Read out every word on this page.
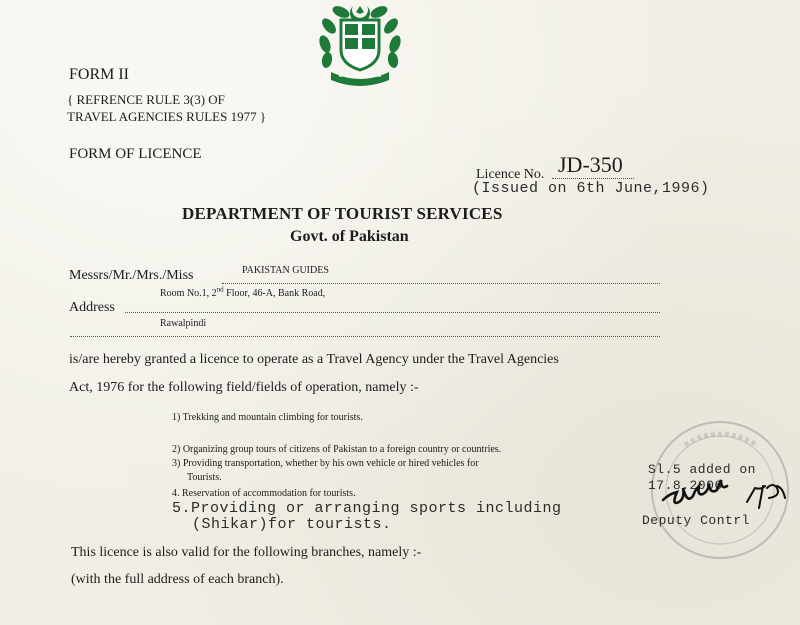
FORM II
{ REFRENCE RULE 3(3) OF
TRAVEL AGENCIES RULES 1977 }
FORM OF LICENCE
Licence No. JD-350
(Issued on 6th June,1996)
DEPARTMENT OF TOURIST SERVICES
Govt. of Pakistan
Messrs/Mr./Mrs./Miss	PAKISTAN GUIDES
Room No.1, 2nd Floor, 46-A, Bank Road,
Address
Rawalpindi
is/are hereby granted a licence to operate as a Travel Agency under the Travel Agencies
Act, 1976 for the following field/fields of operation, namely :-
1) Trekking and mountain climbing for tourists.
2) Organizing group tours of citizens of Pakistan to a foreign country or countries.
3) Providing transportation, whether by his own vehicle or hired vehicles for
Tourists.
4. Reservation of accommodation for tourists.
5.Providing or arranging sports including
(Shikar)for tourists.
Sl.5 added on
17.8.2006
Deputy Contrl
This licence is also valid for the following branches, namely :-
(with the full address of each branch).
